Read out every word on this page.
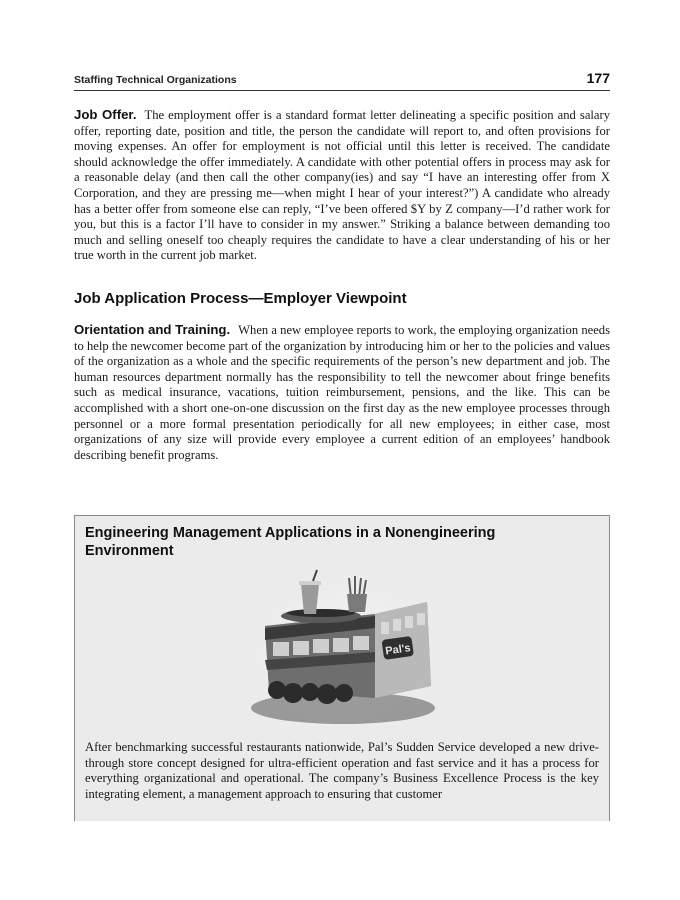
Staffing Technical Organizations	177

Job Offer. The employment offer is a standard format letter delineating a specific position and salary offer, reporting date, position and title, the person the candidate will report to, and often provisions for moving expenses. An offer for employment is not official until this letter is received. The candidate should acknowledge the offer immediately. A candidate with other potential offers in process may ask for a reasonable delay (and then call the other company(ies) and say “I have an interesting offer from X Corporation, and they are pressing me—when might I hear of your interest?”) A candidate who already has a better offer from someone else can reply, “I’ve been offered $Y by Z company—I’d rather work for you, but this is a factor I’ll have to consider in my answer.” Striking a balance between demanding too much and selling oneself too cheaply requires the candidate to have a clear understanding of his or her true worth in the current job market.

Job Application Process—Employer Viewpoint

Orientation and Training. When a new employee reports to work, the employing organization needs to help the newcomer become part of the organization by introducing him or her to the policies and values of the organization as a whole and the specific requirements of the person’s new department and job. The human resources department normally has the responsibility to tell the newcomer about fringe benefits such as medical insurance, vacations, tuition reimbursement, pensions, and the like. This can be accomplished with a short one-on-one discussion on the first day as the new employee processes through personnel or a more formal presentation periodically for all new employees; in either case, most organizations of any size will provide every employee a current edition of an employees’ handbook describing benefit programs.

Engineering Management Applications in a Nonengineering Environment
Pal's

After benchmarking successful restaurants nationwide, Pal’s Sudden Service developed a new drive-through store concept designed for ultra-efficient operation and fast service and it has a process for everything organizational and operational. The company’s Business Excellence Process is the key integrating element, a management approach to ensuring that customer
